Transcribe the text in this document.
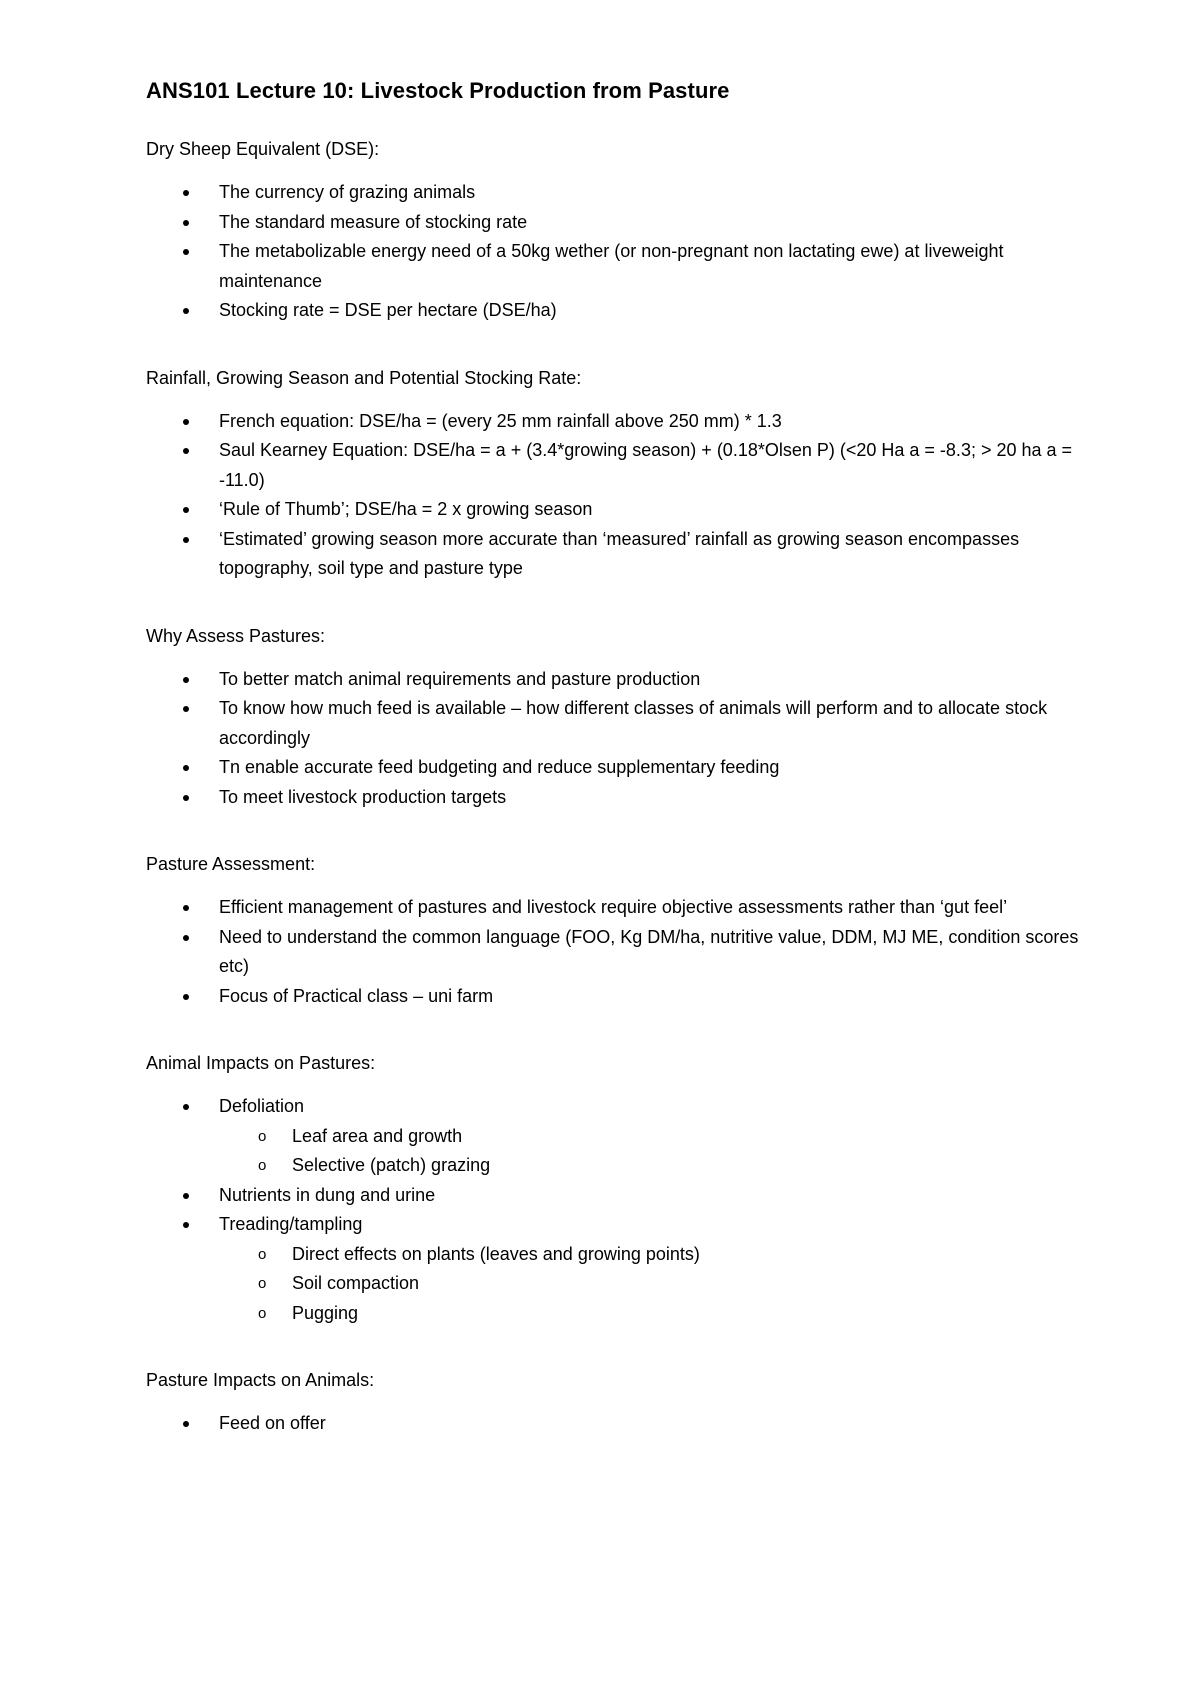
ANS101 Lecture 10: Livestock Production from Pasture
Dry Sheep Equivalent (DSE):
The currency of grazing animals
The standard measure of stocking rate
The metabolizable energy need of a 50kg wether (or non-pregnant non lactating ewe) at liveweight maintenance
Stocking rate = DSE per hectare (DSE/ha)
Rainfall, Growing Season and Potential Stocking Rate:
French equation: DSE/ha = (every 25 mm rainfall above 250 mm) * 1.3
Saul Kearney Equation: DSE/ha = a + (3.4*growing season) + (0.18*Olsen P) (<20 Ha a = -8.3; > 20 ha a = -11.0)
‘Rule of Thumb’; DSE/ha = 2 x growing season
‘Estimated’ growing season more accurate than ‘measured’ rainfall as growing season encompasses topography, soil type and pasture type
Why Assess Pastures:
To better match animal requirements and pasture production
To know how much feed is available – how different classes of animals will perform and to allocate stock accordingly
Tn enable accurate feed budgeting and reduce supplementary feeding
To meet livestock production targets
Pasture Assessment:
Efficient management of pastures and livestock require objective assessments rather than ‘gut feel’
Need to understand the common language (FOO, Kg DM/ha, nutritive value, DDM, MJ ME, condition scores etc)
Focus of Practical class – uni farm
Animal Impacts on Pastures:
Defoliation
o Leaf area and growth
o Selective (patch) grazing
Nutrients in dung and urine
Treading/tampling
o Direct effects on plants (leaves and growing points)
o Soil compaction
o Pugging
Pasture Impacts on Animals:
Feed on offer
